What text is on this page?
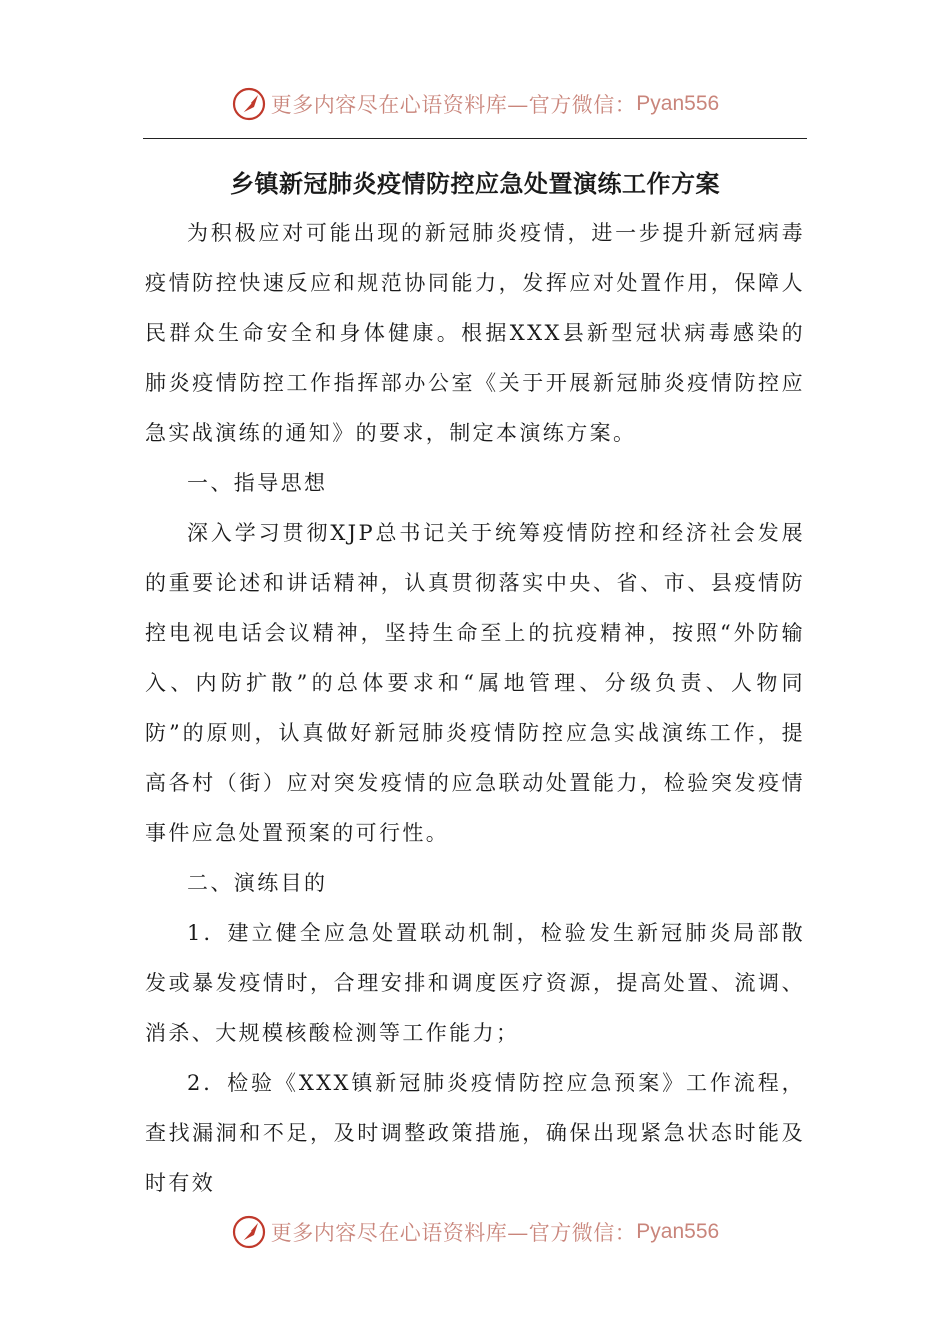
更多内容尽在心语资料库—官方微信： Pyan556
乡镇新冠肺炎疫情防控应急处置演练工作方案

为积极应对可能出现的新冠肺炎疫情，进一步提升新冠病毒疫情防控快速反应和规范协同能力，发挥应对处置作用，保障人民群众生命安全和身体健康。根据XXX县新型冠状病毒感染的肺炎疫情防控工作指挥部办公室《关于开展新冠肺炎疫情防控应急实战演练的通知》的要求，制定本演练方案。

一、指导思想

深入学习贯彻XJP总书记关于统筹疫情防控和经济社会发展的重要论述和讲话精神，认真贯彻落实中央、省、市、县疫情防控电视电话会议精神，坚持生命至上的抗疫精神，按照“外防输入、内防扩散”的总体要求和“属地管理、分级负责、人物同防”的原则，认真做好新冠肺炎疫情防控应急实战演练工作，提高各村（街）应对突发疫情的应急联动处置能力，检验突发疫情事件应急处置预案的可行性。

二、演练目的

1．建立健全应急处置联动机制，检验发生新冠肺炎局部散发或暴发疫情时，合理安排和调度医疗资源，提高处置、流调、消杀、大规模核酸检测等工作能力；

2．检验《XXX镇新冠肺炎疫情防控应急预案》工作流程，查找漏洞和不足，及时调整政策措施，确保出现紧急状态时能及时有效

更多内容尽在心语资料库—官方微信： Pyan556
